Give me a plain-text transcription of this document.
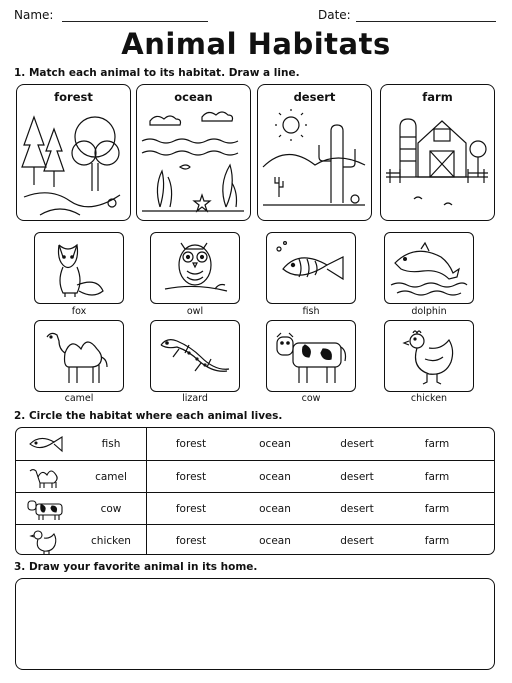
Name:	Date:
Animal Habitats
1. Match each animal to its habitat. Draw a line.
forest	ocean	desert	farm
fox	owl	fish	dolphin
camel	lizard	cow	chicken
2. Circle the habitat where each animal lives.
fish	forest	ocean	desert	farm
camel	forest	ocean	desert	farm
cow	forest	ocean	desert	farm
chicken	forest	ocean	desert	farm
3. Draw your favorite animal in its home.
